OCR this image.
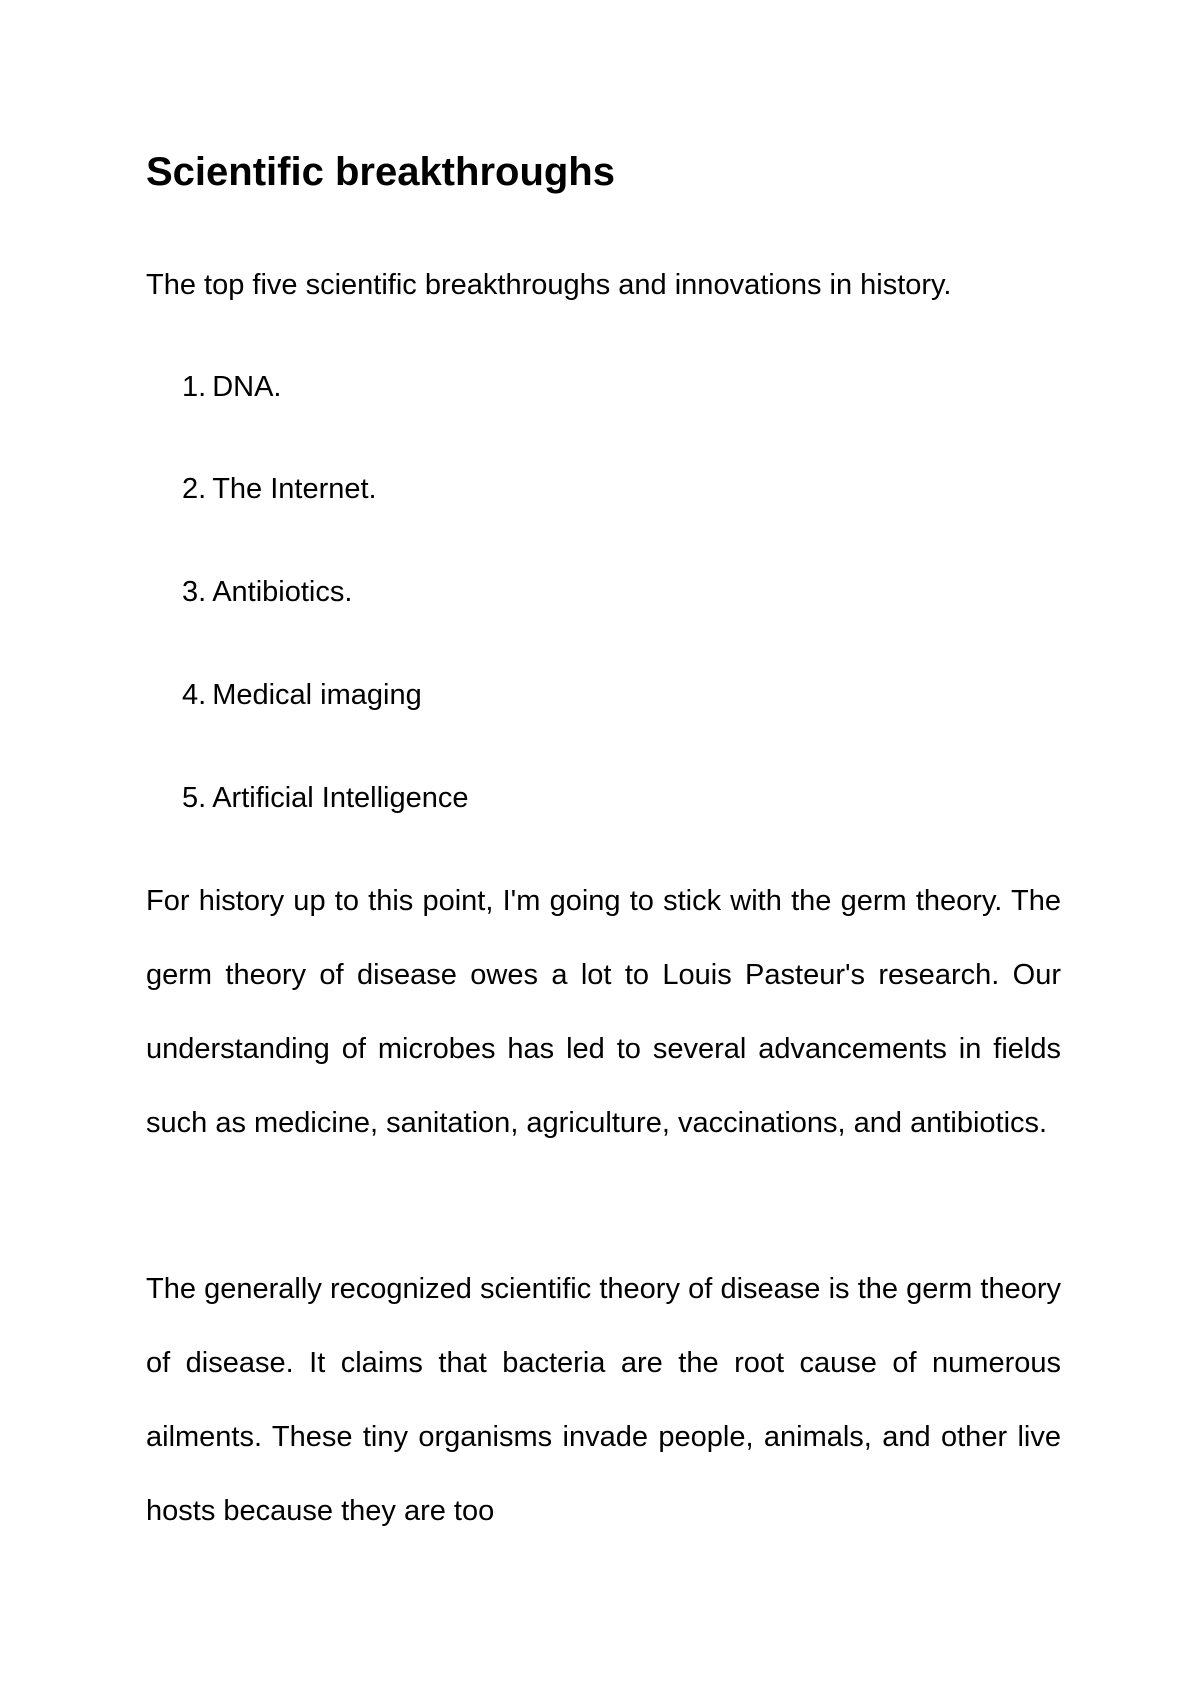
Scientific breakthroughs

The top five scientific breakthroughs and innovations in history.

1. DNA.
2. The Internet.
3. Antibiotics.
4. Medical imaging
5. Artificial Intelligence

For history up to this point, I'm going to stick with the germ theory. The germ theory of disease owes a lot to Louis Pasteur's research. Our understanding of microbes has led to several advancements in fields such as medicine, sanitation, agriculture, vaccinations, and antibiotics.

The generally recognized scientific theory of disease is the germ theory of disease. It claims that bacteria are the root cause of numerous ailments. These tiny organisms invade people, animals, and other live hosts because they are too
